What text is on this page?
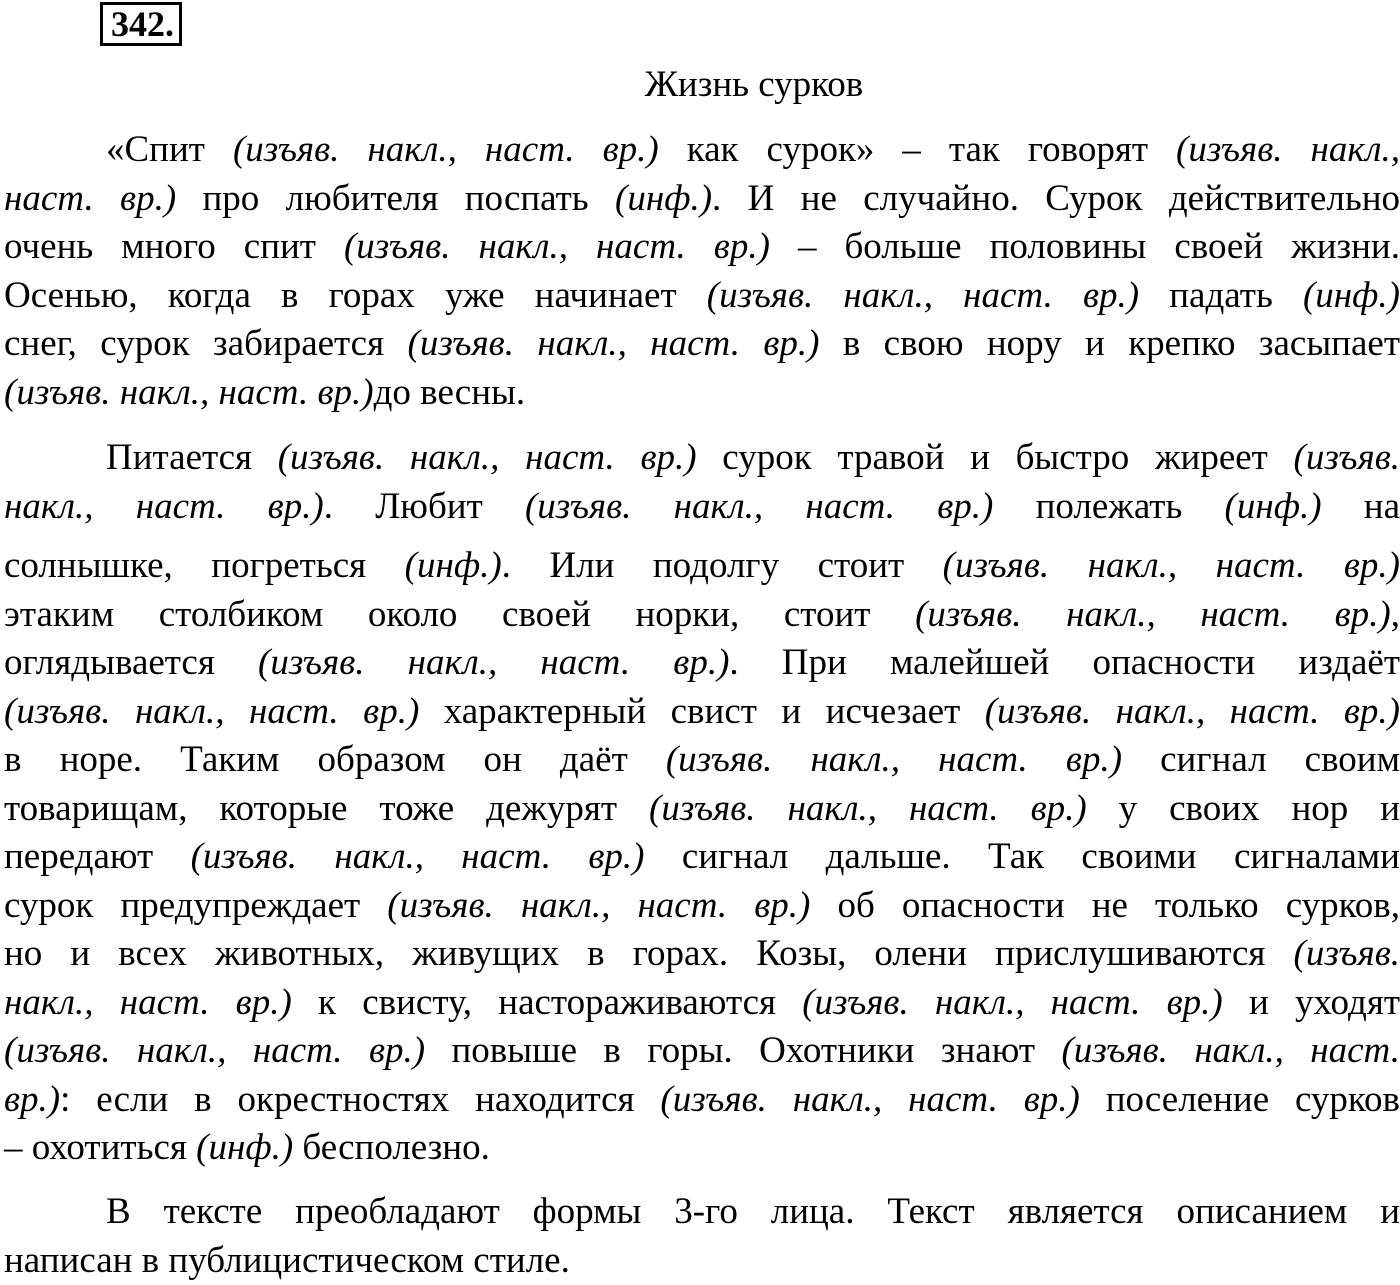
342.
Жизнь сурков
«Спит (изъяв. накл., наст. вр.) как сурок» – так говорят (изъяв. накл.,
наст. вр.) про любителя поспать (инф.). И не случайно. Сурок действительно
очень много спит (изъяв. накл., наст. вр.) – больше половины своей жизни.
Осенью, когда в горах уже начинает (изъяв. накл., наст. вр.) падать (инф.)
снег, сурок забирается (изъяв. накл., наст. вр.) в свою нору и крепко засыпает
(изъяв. накл., наст. вр.)до весны.
Питается (изъяв. накл., наст. вр.) сурок травой и быстро жиреет (изъяв.
накл., наст. вр.). Любит (изъяв. накл., наст. вр.) полежать (инф.) на
солнышке, погреться (инф.). Или подолгу стоит (изъяв. накл., наст. вр.)
этаким столбиком около своей норки, стоит (изъяв. накл., наст. вр.),
оглядывается (изъяв. накл., наст. вр.). При малейшей опасности издаёт
(изъяв. накл., наст. вр.) характерный свист и исчезает (изъяв. накл., наст. вр.)
в норе. Таким образом он даёт (изъяв. накл., наст. вр.) сигнал своим
товарищам, которые тоже дежурят (изъяв. накл., наст. вр.) у своих нор и
передают (изъяв. накл., наст. вр.) сигнал дальше. Так своими сигналами
сурок предупреждает (изъяв. накл., наст. вр.) об опасности не только сурков,
но и всех животных, живущих в горах. Козы, олени прислушиваются (изъяв.
накл., наст. вр.) к свисту, настораживаются (изъяв. накл., наст. вр.) и уходят
(изъяв. накл., наст. вр.) повыше в горы. Охотники знают (изъяв. накл., наст.
вр.): если в окрестностях находится (изъяв. накл., наст. вр.) поселение сурков
– охотиться (инф.) бесполезно.
В тексте преобладают формы 3-го лица. Текст является описанием и
написан в публицистическом стиле.
